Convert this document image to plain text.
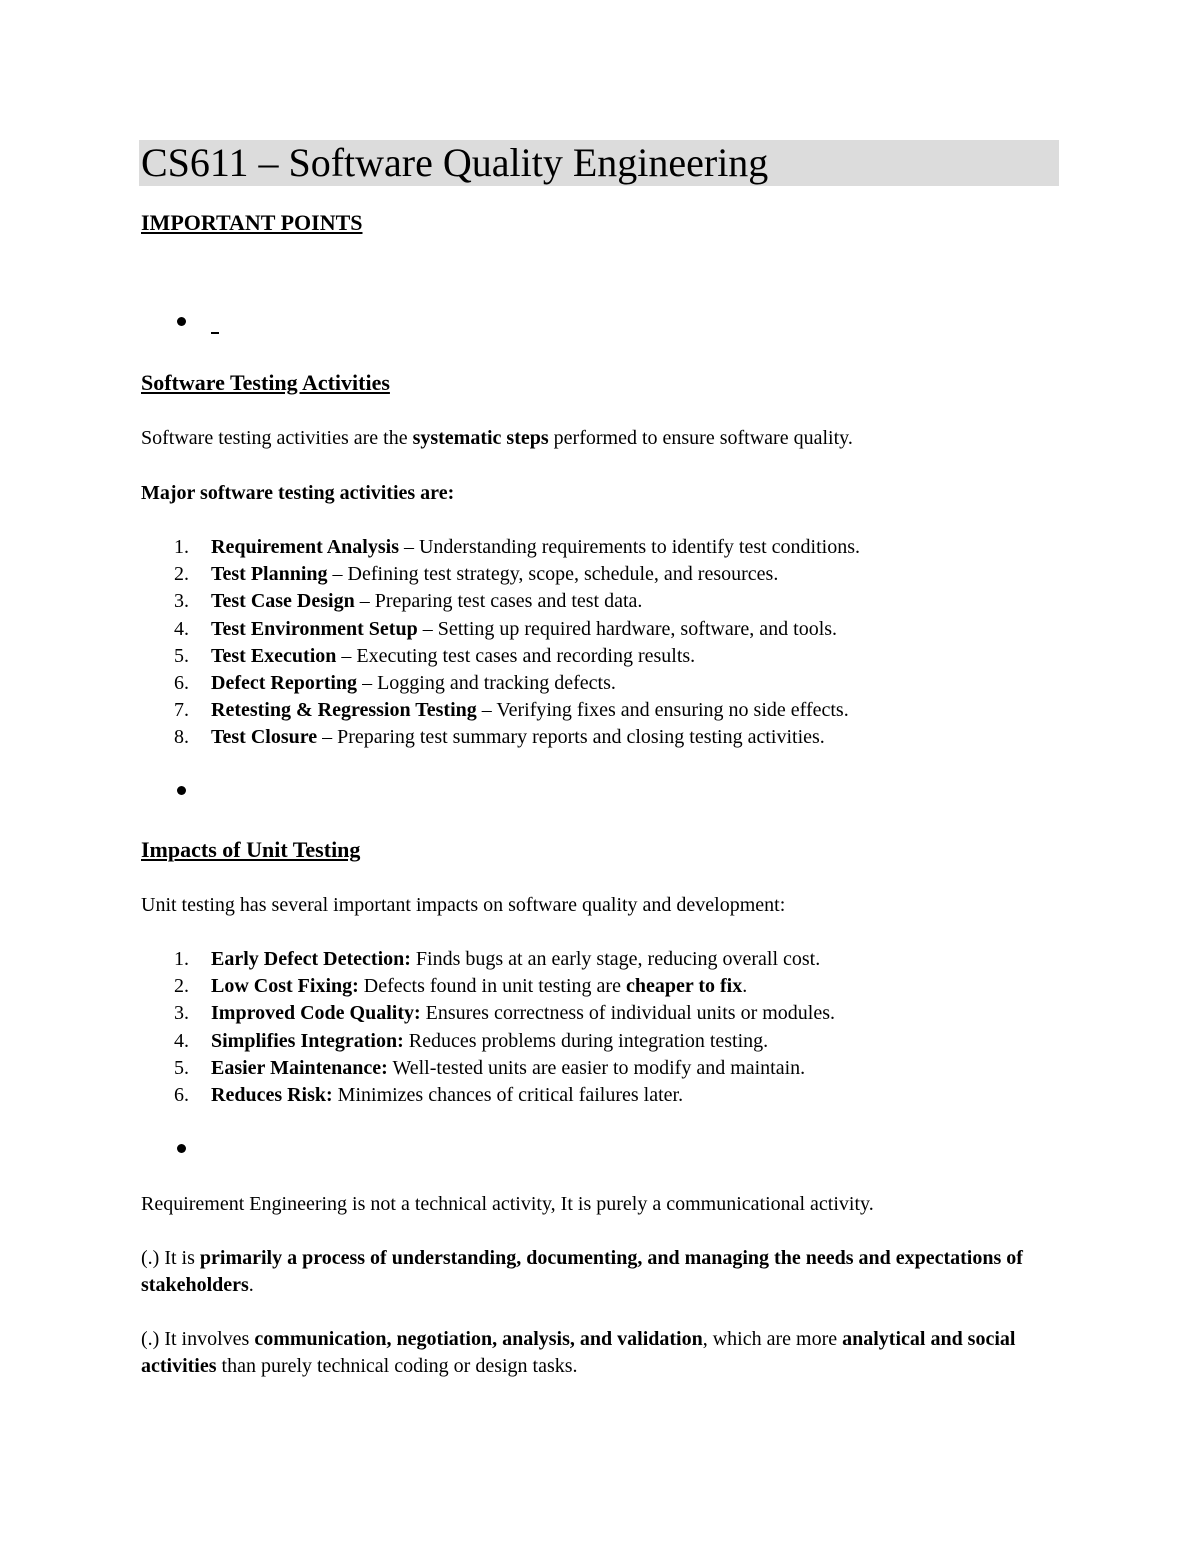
CS611 – Software Quality Engineering
IMPORTANT POINTS
Software Testing Activities
Software testing activities are the systematic steps performed to ensure software quality.
Major software testing activities are:
1. Requirement Analysis – Understanding requirements to identify test conditions.
2. Test Planning – Defining test strategy, scope, schedule, and resources.
3. Test Case Design – Preparing test cases and test data.
4. Test Environment Setup – Setting up required hardware, software, and tools.
5. Test Execution – Executing test cases and recording results.
6. Defect Reporting – Logging and tracking defects.
7. Retesting & Regression Testing – Verifying fixes and ensuring no side effects.
8. Test Closure – Preparing test summary reports and closing testing activities.
Impacts of Unit Testing
Unit testing has several important impacts on software quality and development:
1. Early Defect Detection: Finds bugs at an early stage, reducing overall cost.
2. Low Cost Fixing: Defects found in unit testing are cheaper to fix.
3. Improved Code Quality: Ensures correctness of individual units or modules.
4. Simplifies Integration: Reduces problems during integration testing.
5. Easier Maintenance: Well-tested units are easier to modify and maintain.
6. Reduces Risk: Minimizes chances of critical failures later.
Requirement Engineering is not a technical activity, It is purely a communicational activity.
(.) It is primarily a process of understanding, documenting, and managing the needs and expectations of stakeholders.
(.) It involves communication, negotiation, analysis, and validation, which are more analytical and social activities than purely technical coding or design tasks.
